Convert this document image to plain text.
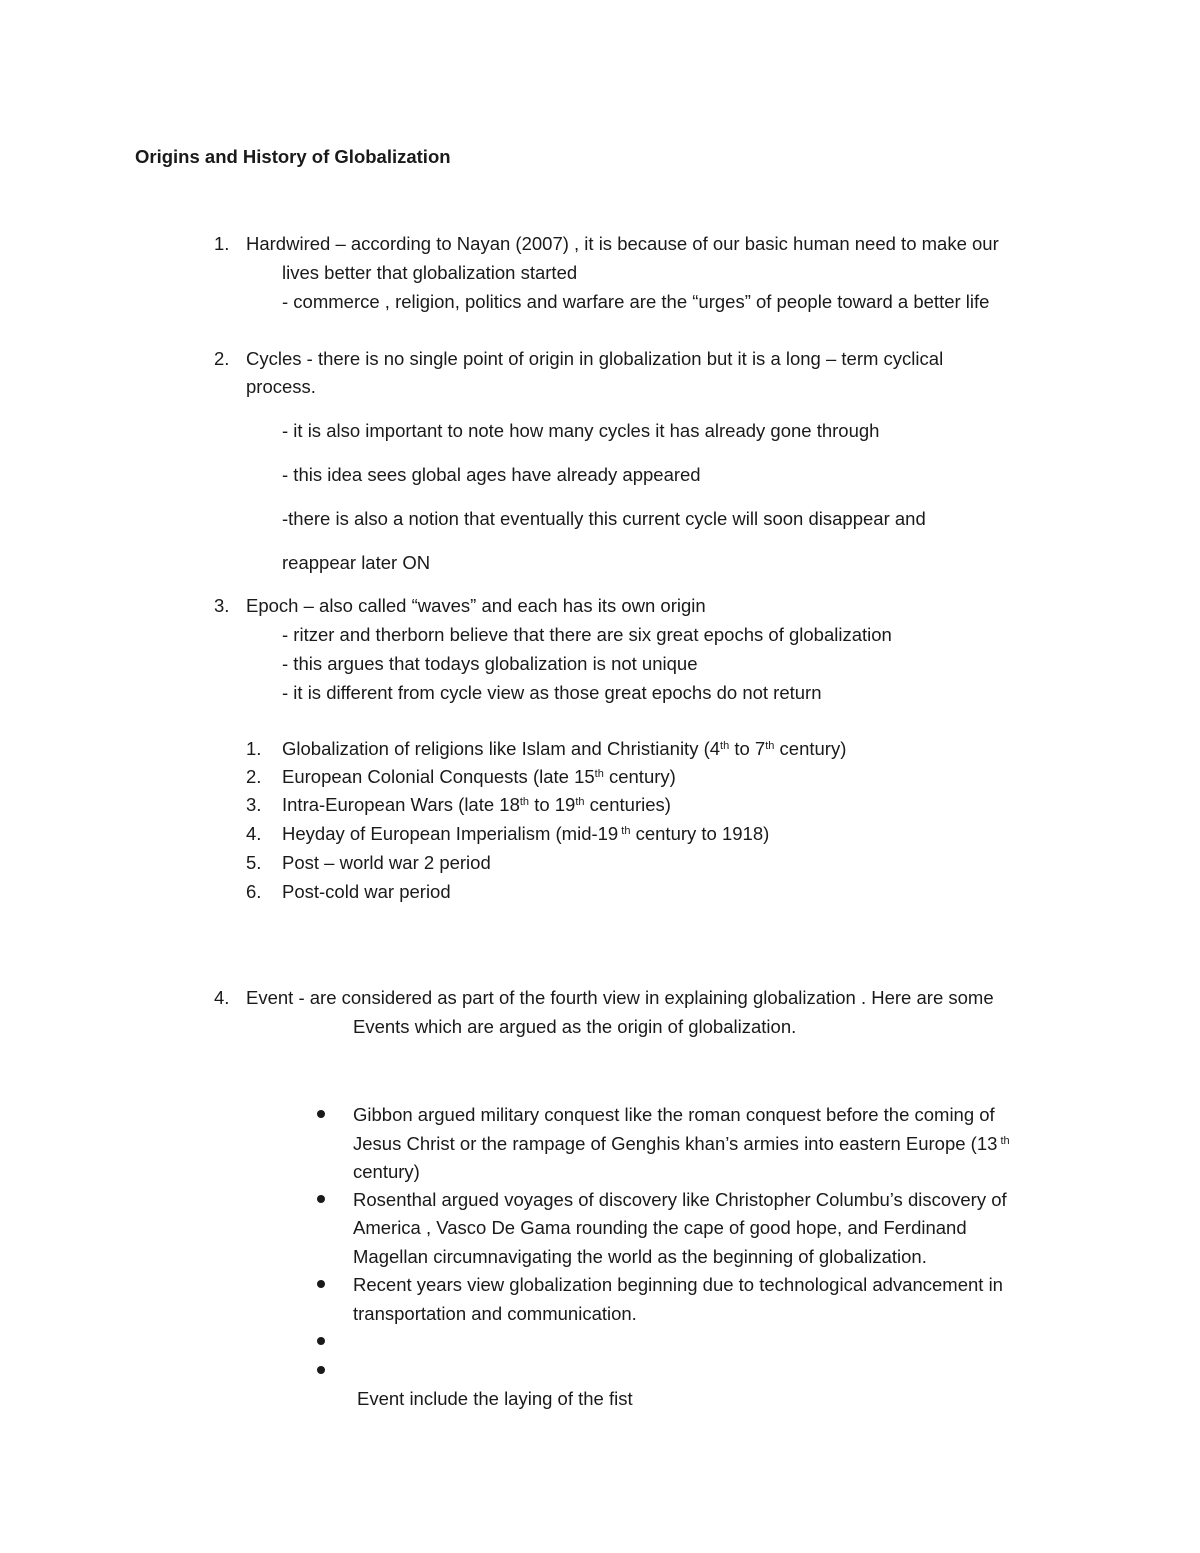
Origins and History of Globalization
1. Hardwired – according to Nayan (2007) , it is because of our basic human need to make our
lives better that globalization started
- commerce , religion, politics and warfare are the “urges” of people toward a better life
2. Cycles - there is no single point of origin in globalization but it is a long – term cyclical
process.
- it is also important to note how many cycles it has already gone through
- this idea sees global ages have already appeared
-there is also a notion that eventually this current cycle will soon disappear and
reappear later ON
3. Epoch – also called “waves” and each has its own origin
- ritzer and therborn believe that there are six great epochs of globalization
- this argues that todays globalization is not unique
- it is different from cycle view as those great epochs do not return
1. Globalization of religions like Islam and Christianity (4th to 7th century)
2. European Colonial Conquests (late 15th century)
3. Intra-European Wars (late 18th to 19th centuries)
4. Heyday of European Imperialism (mid-19 $^{th}$ century to 1918)
5. Post – world war 2 period
6. Post-cold war period
4. Event - are considered as part of the fourth view in explaining globalization . Here are some
Events which are argued as the origin of globalization.
Gibbon argued military conquest like the roman conquest before the coming of
Jesus Christ or the rampage of Genghis khan’s armies into eastern Europe (13 $^{th}$
century)
Rosenthal argued voyages of discovery like Christopher Columbu’s discovery of
America , Vasco De Gama rounding the cape of good hope, and Ferdinand
Magellan circumnavigating the world as the beginning of globalization.
Recent years view globalization beginning due to technological advancement in
transportation and communication.
Event include the laying of the fist
